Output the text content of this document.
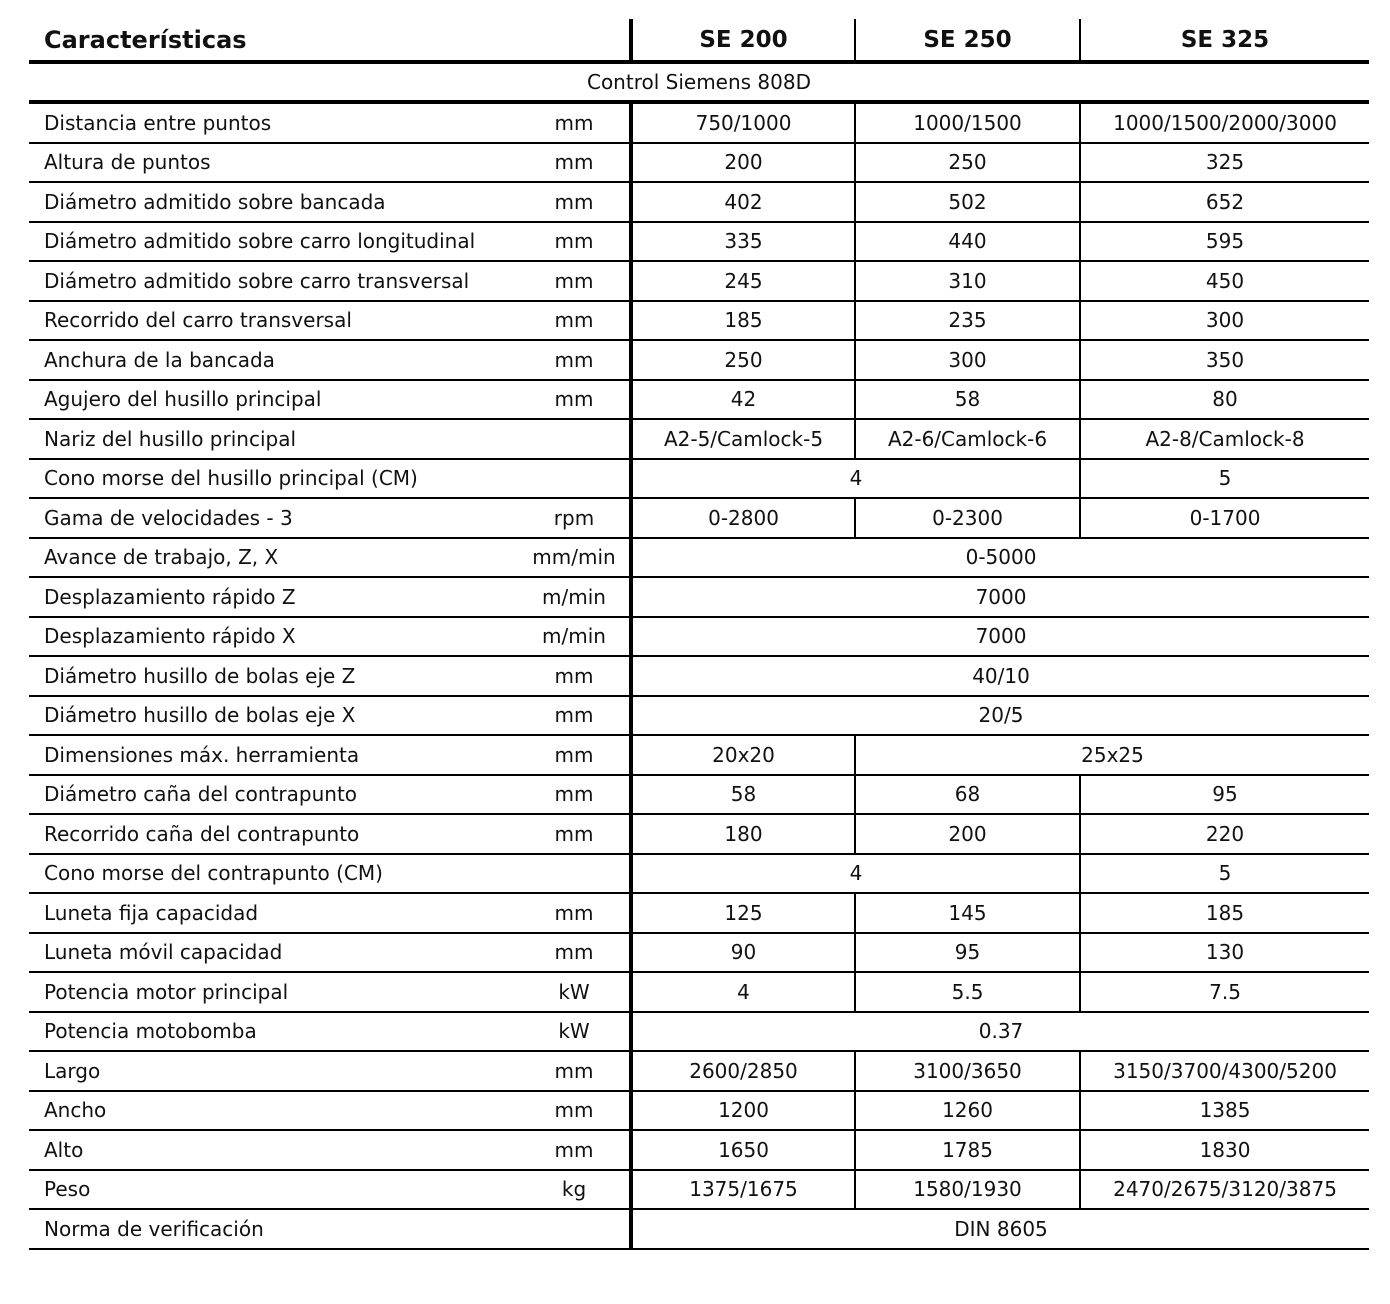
Características		SE 200	SE 250	SE 325
Control Siemens 808D				
Distancia entre puntos	mm	750/1000	1000/1500	1000/1500/2000/3000
Altura de puntos	mm	200	250	325
Diámetro admitido sobre bancada	mm	402	502	652
Diámetro admitido sobre carro longitudinal	mm	335	440	595
Diámetro admitido sobre carro transversal	mm	245	310	450
Recorrido del carro transversal	mm	185	235	300
Anchura de la bancada	mm	250	300	350
Agujero del husillo principal	mm	42	58	80
Nariz del husillo principal		A2-5/Camlock-5	A2-6/Camlock-6	A2-8/Camlock-8
Cono morse del husillo principal (CM)		4		5
Gama de velocidades - 3	rpm	0-2800	0-2300	0-1700
Avance de trabajo, Z, X	mm/min	0-5000		
Desplazamiento rápido Z	m/min	7000		
Desplazamiento rápido X	m/min	7000		
Diámetro husillo de bolas eje Z	mm	40/10		
Diámetro husillo de bolas eje X	mm	20/5		
Dimensiones máx. herramienta	mm	20x20	25x25	
Diámetro caña del contrapunto	mm	58	68	95
Recorrido caña del contrapunto	mm	180	200	220
Cono morse del contrapunto (CM)		4		5
Luneta fija capacidad	mm	125	145	185
Luneta móvil capacidad	mm	90	95	130
Potencia motor principal	kW	4	5.5	7.5
Potencia motobomba	kW	0.37		
Largo	mm	2600/2850	3100/3650	3150/3700/4300/5200
Ancho	mm	1200	1260	1385
Alto	mm	1650	1785	1830
Peso	kg	1375/1675	1580/1930	2470/2675/3120/3875
Norma de verificación		DIN 8605		
